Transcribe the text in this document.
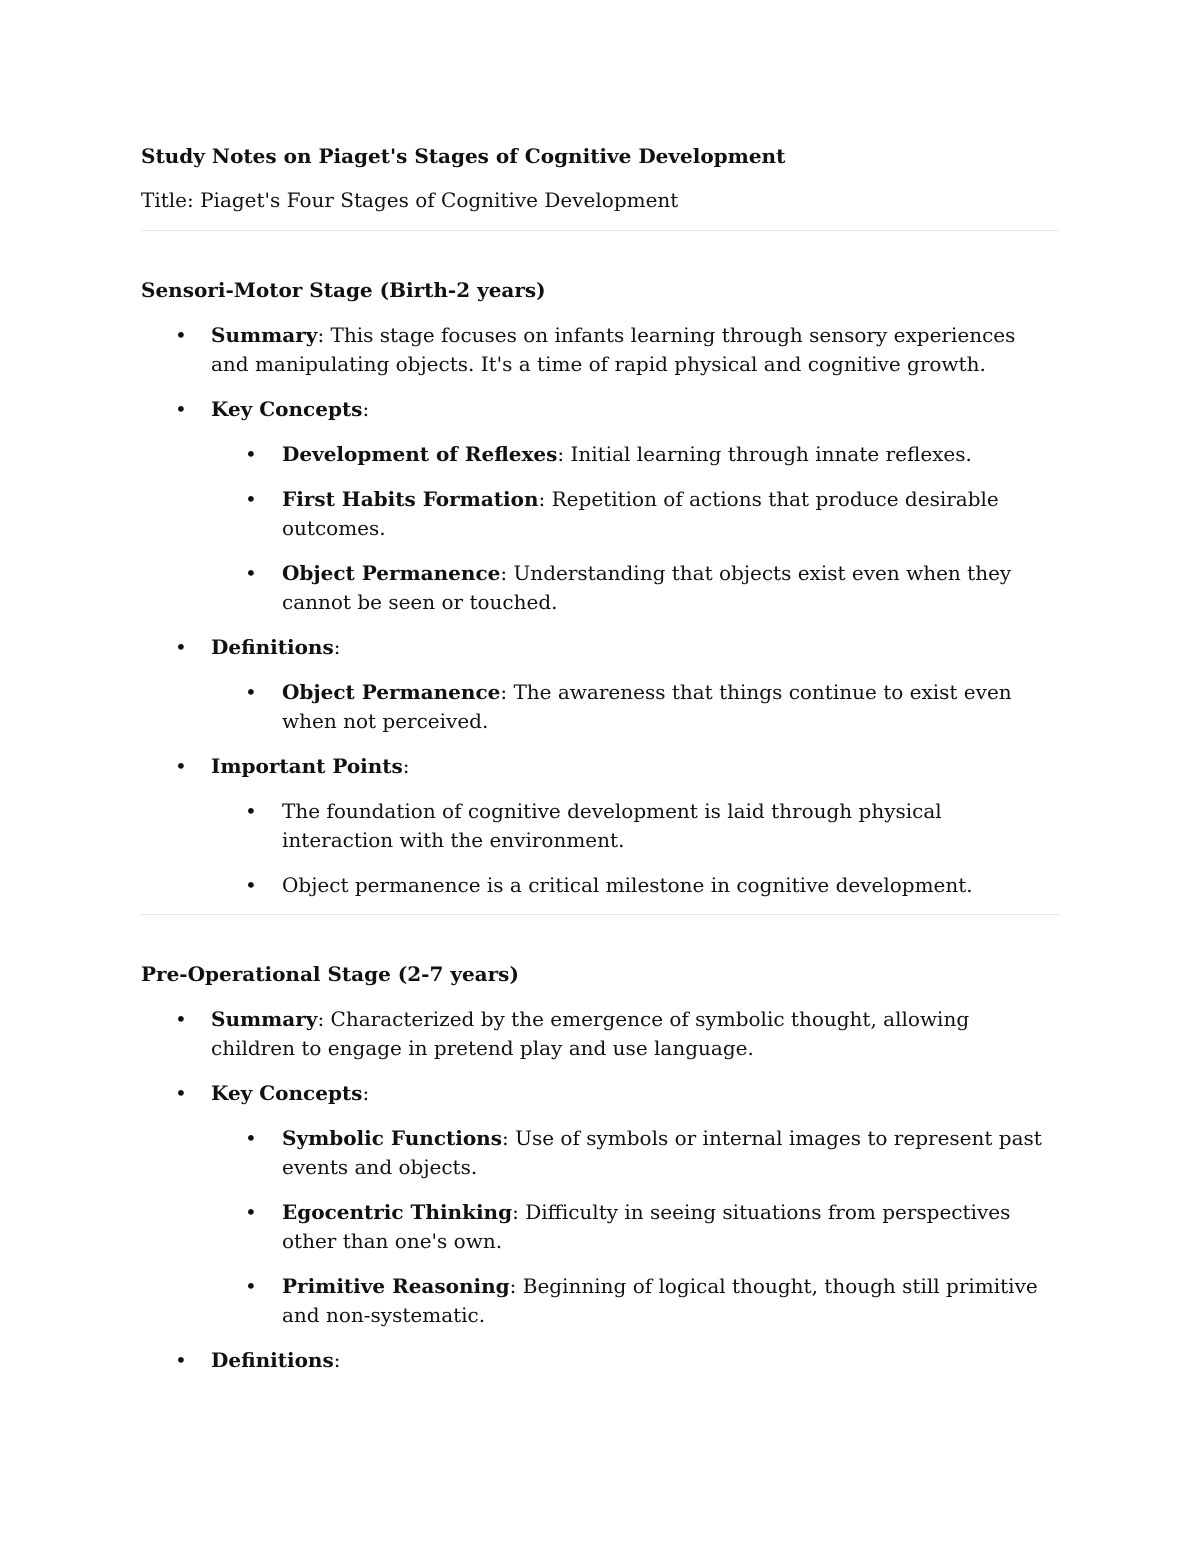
Study Notes on Piaget's Stages of Cognitive Development

Title: Piaget's Four Stages of Cognitive Development

Sensori-Motor Stage (Birth-2 years)

• Summary: This stage focuses on infants learning through sensory experiences and manipulating objects. It's a time of rapid physical and cognitive growth.
• Key Concepts:
• Development of Reflexes: Initial learning through innate reflexes.
• First Habits Formation: Repetition of actions that produce desirable outcomes.
• Object Permanence: Understanding that objects exist even when they cannot be seen or touched.
• Definitions:
• Object Permanence: The awareness that things continue to exist even when not perceived.
• Important Points:
• The foundation of cognitive development is laid through physical interaction with the environment.
• Object permanence is a critical milestone in cognitive development.

Pre-Operational Stage (2-7 years)

• Summary: Characterized by the emergence of symbolic thought, allowing children to engage in pretend play and use language.
• Key Concepts:
• Symbolic Functions: Use of symbols or internal images to represent past events and objects.
• Egocentric Thinking: Difficulty in seeing situations from perspectives other than one's own.
• Primitive Reasoning: Beginning of logical thought, though still primitive and non-systematic.
• Definitions:
